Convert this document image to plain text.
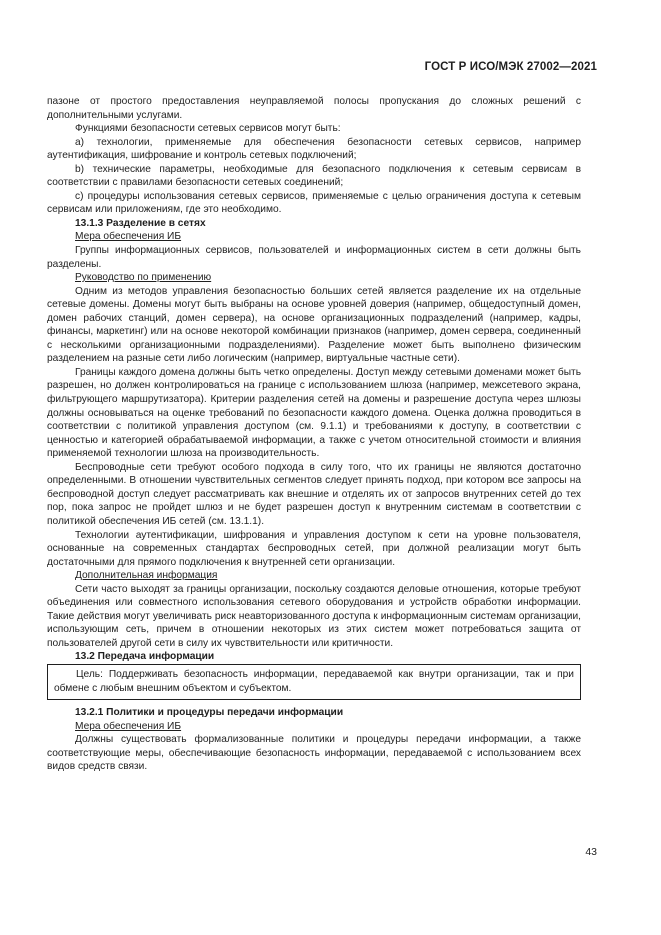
ГОСТ Р ИСО/МЭК 27002—2021

пазоне от простого предоставления неуправляемой полосы пропускания до сложных решений с дополнительными услугами.

Функциями безопасности сетевых сервисов могут быть:

a) технологии, применяемые для обеспечения безопасности сетевых сервисов, например аутентификация, шифрование и контроль сетевых подключений;

b) технические параметры, необходимые для безопасного подключения к сетевым сервисам в соответствии с правилами безопасности сетевых соединений;

c) процедуры использования сетевых сервисов, применяемые с целью ограничения доступа к сетевым сервисам или приложениям, где это необходимо.

13.1.3 Разделение в сетях

Мера обеспечения ИБ

Группы информационных сервисов, пользователей и информационных систем в сети должны быть разделены.

Руководство по применению

Одним из методов управления безопасностью больших сетей является разделение их на отдельные сетевые домены. Домены могут быть выбраны на основе уровней доверия (например, общедоступный домен, домен рабочих станций, домен сервера), на основе организационных подразделений (например, кадры, финансы, маркетинг) или на основе некоторой комбинации признаков (например, домен сервера, соединенный с несколькими организационными подразделениями). Разделение может быть выполнено физическим разделением на разные сети либо логическим (например, виртуальные частные сети).

Границы каждого домена должны быть четко определены. Доступ между сетевыми доменами может быть разрешен, но должен контролироваться на границе с использованием шлюза (например, межсетевого экрана, фильтрующего маршрутизатора). Критерии разделения сетей на домены и разрешение доступа через шлюзы должны основываться на оценке требований по безопасности каждого домена. Оценка должна проводиться в соответствии с политикой управления доступом (см. 9.1.1) и требованиями к доступу, в соответствии с ценностью и категорией обрабатываемой информации, а также с учетом относительной стоимости и влияния применяемой технологии шлюза на производительность.

Беспроводные сети требуют особого подхода в силу того, что их границы не являются достаточно определенными. В отношении чувствительных сегментов следует принять подход, при котором все запросы на беспроводной доступ следует рассматривать как внешние и отделять их от запросов внутренних сетей до тех пор, пока запрос не пройдет шлюз и не будет разрешен доступ к внутренним системам в соответствии с политикой обеспечения ИБ сетей (см. 13.1.1).

Технологии аутентификации, шифрования и управления доступом к сети на уровне пользователя, основанные на современных стандартах беспроводных сетей, при должной реализации могут быть достаточными для прямого подключения к внутренней сети организации.

Дополнительная информация

Сети часто выходят за границы организации, поскольку создаются деловые отношения, которые требуют объединения или совместного использования сетевого оборудования и устройств обработки информации. Такие действия могут увеличивать риск неавторизованного доступа к информационным системам организации, использующим сеть, причем в отношении некоторых из этих систем может потребоваться защита от пользователей другой сети в силу их чувствительности или критичности.

13.2 Передача информации

Цель: Поддерживать безопасность информации, передаваемой как внутри организации, так и при обмене с любым внешним объектом и субъектом.

13.2.1 Политики и процедуры передачи информации

Мера обеспечения ИБ

Должны существовать формализованные политики и процедуры передачи информации, а также соответствующие меры, обеспечивающие безопасность информации, передаваемой с использованием всех видов средств связи.

43
